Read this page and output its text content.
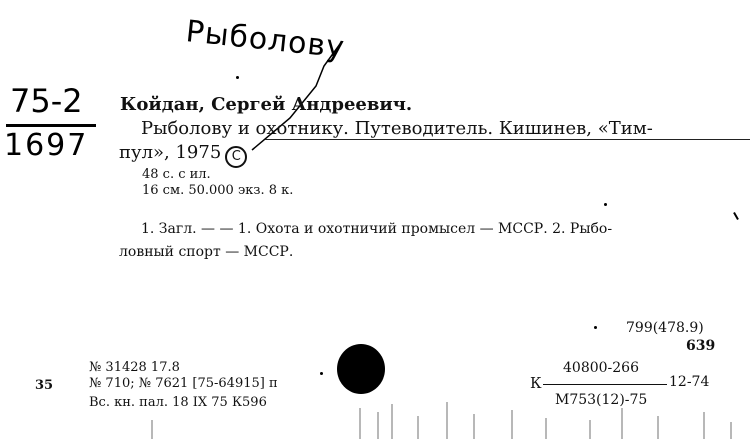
Рыболову
75-2
1697
Койдан, Сергей Андреевич.
Рыболову и охотнику. Путеводитель. Кишинев, «Тим-
пул», 1975 C
48 с. с ил.
16 см. 50.000 экз. 8 к.
1. Загл. — — 1. Охота и охотничий промысел — МССР. 2. Рыбо-
ловный спорт — МССР.
799(478.9)
639
40800-266
К	12-74
М753(12)-75
№ 31428 17.8
35	№ 710; № 7621 [75-64915] п
Вс. кн. пал. 18 IX 75 К596
